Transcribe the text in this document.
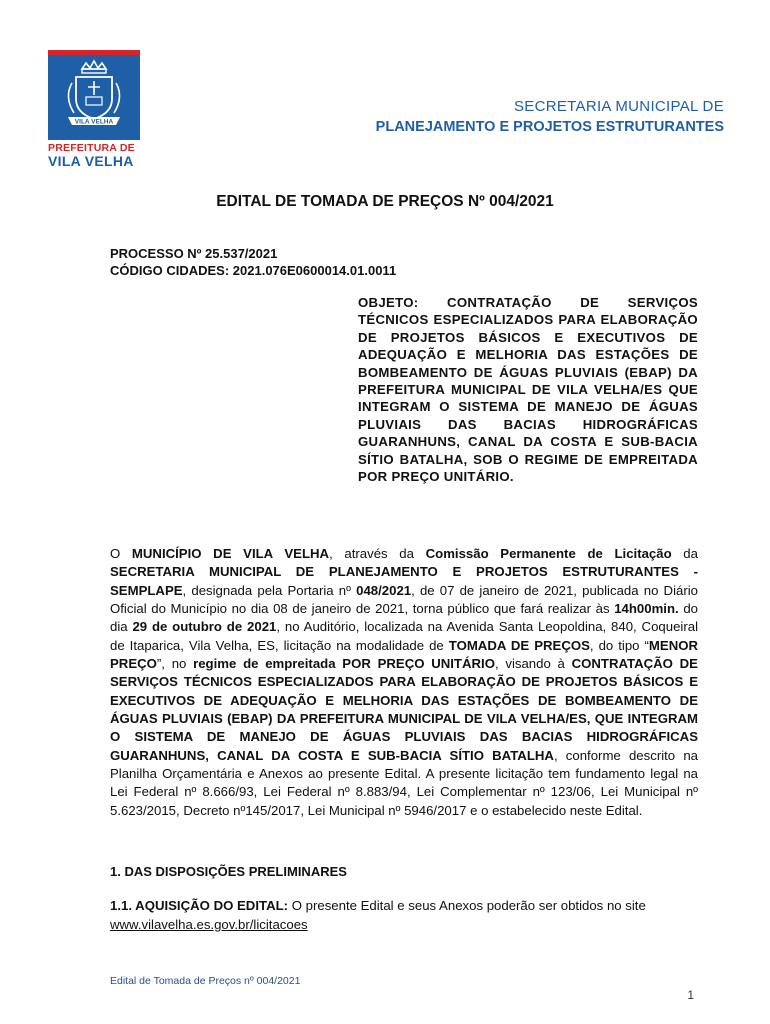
VILA VELHA
PREFEITURA DE
VILA VELHA
SECRETARIA MUNICIPAL DE
PLANEJAMENTO E PROJETOS ESTRUTURANTES
EDITAL DE TOMADA DE PREÇOS Nº 004/2021
PROCESSO Nº 25.537/2021
CÓDIGO CIDADES: 2021.076E0600014.01.0011
OBJETO: CONTRATAÇÃO DE SERVIÇOS TÉCNICOS ESPECIALIZADOS PARA ELABORAÇÃO DE PROJETOS BÁSICOS E EXECUTIVOS DE ADEQUAÇÃO E MELHORIA DAS ESTAÇÕES DE BOMBEAMENTO DE ÁGUAS PLUVIAIS (EBAP) DA PREFEITURA MUNICIPAL DE VILA VELHA/ES QUE INTEGRAM O SISTEMA DE MANEJO DE ÁGUAS PLUVIAIS DAS BACIAS HIDROGRÁFICAS GUARANHUNS, CANAL DA COSTA E SUB-BACIA SÍTIO BATALHA, SOB O REGIME DE EMPREITADA POR PREÇO UNITÁRIO.
O MUNICÍPIO DE VILA VELHA, através da Comissão Permanente de Licitação da SECRETARIA MUNICIPAL DE PLANEJAMENTO E PROJETOS ESTRUTURANTES - SEMPLAPE, designada pela Portaria nº 048/2021, de 07 de janeiro de 2021, publicada no Diário Oficial do Município no dia 08 de janeiro de 2021, torna público que fará realizar às 14h00min. do dia 29 de outubro de 2021, no Auditório, localizada na Avenida Santa Leopoldina, 840, Coqueiral de Itaparica, Vila Velha, ES, licitação na modalidade de TOMADA DE PREÇOS, do tipo “MENOR PREÇO”, no regime de empreitada POR PREÇO UNITÁRIO, visando à CONTRATAÇÃO DE SERVIÇOS TÉCNICOS ESPECIALIZADOS PARA ELABORAÇÃO DE PROJETOS BÁSICOS E EXECUTIVOS DE ADEQUAÇÃO E MELHORIA DAS ESTAÇÕES DE BOMBEAMENTO DE ÁGUAS PLUVIAIS (EBAP) DA PREFEITURA MUNICIPAL DE VILA VELHA/ES, QUE INTEGRAM O SISTEMA DE MANEJO DE ÁGUAS PLUVIAIS DAS BACIAS HIDROGRÁFICAS GUARANHUNS, CANAL DA COSTA E SUB-BACIA SÍTIO BATALHA, conforme descrito na Planilha Orçamentária e Anexos ao presente Edital. A presente licitação tem fundamento legal na Lei Federal nº 8.666/93, Lei Federal nº 8.883/94, Lei Complementar nº 123/06, Lei Municipal nº 5.623/2015, Decreto nº145/2017, Lei Municipal nº 5946/2017 e o estabelecido neste Edital.
1. DAS DISPOSIÇÕES PRELIMINARES
1.1. AQUISIÇÃO DO EDITAL: O presente Edital e seus Anexos poderão ser obtidos no site www.vilavelha.es.gov.br/licitacoes
Edital de Tomada de Preços nº 004/2021
1
